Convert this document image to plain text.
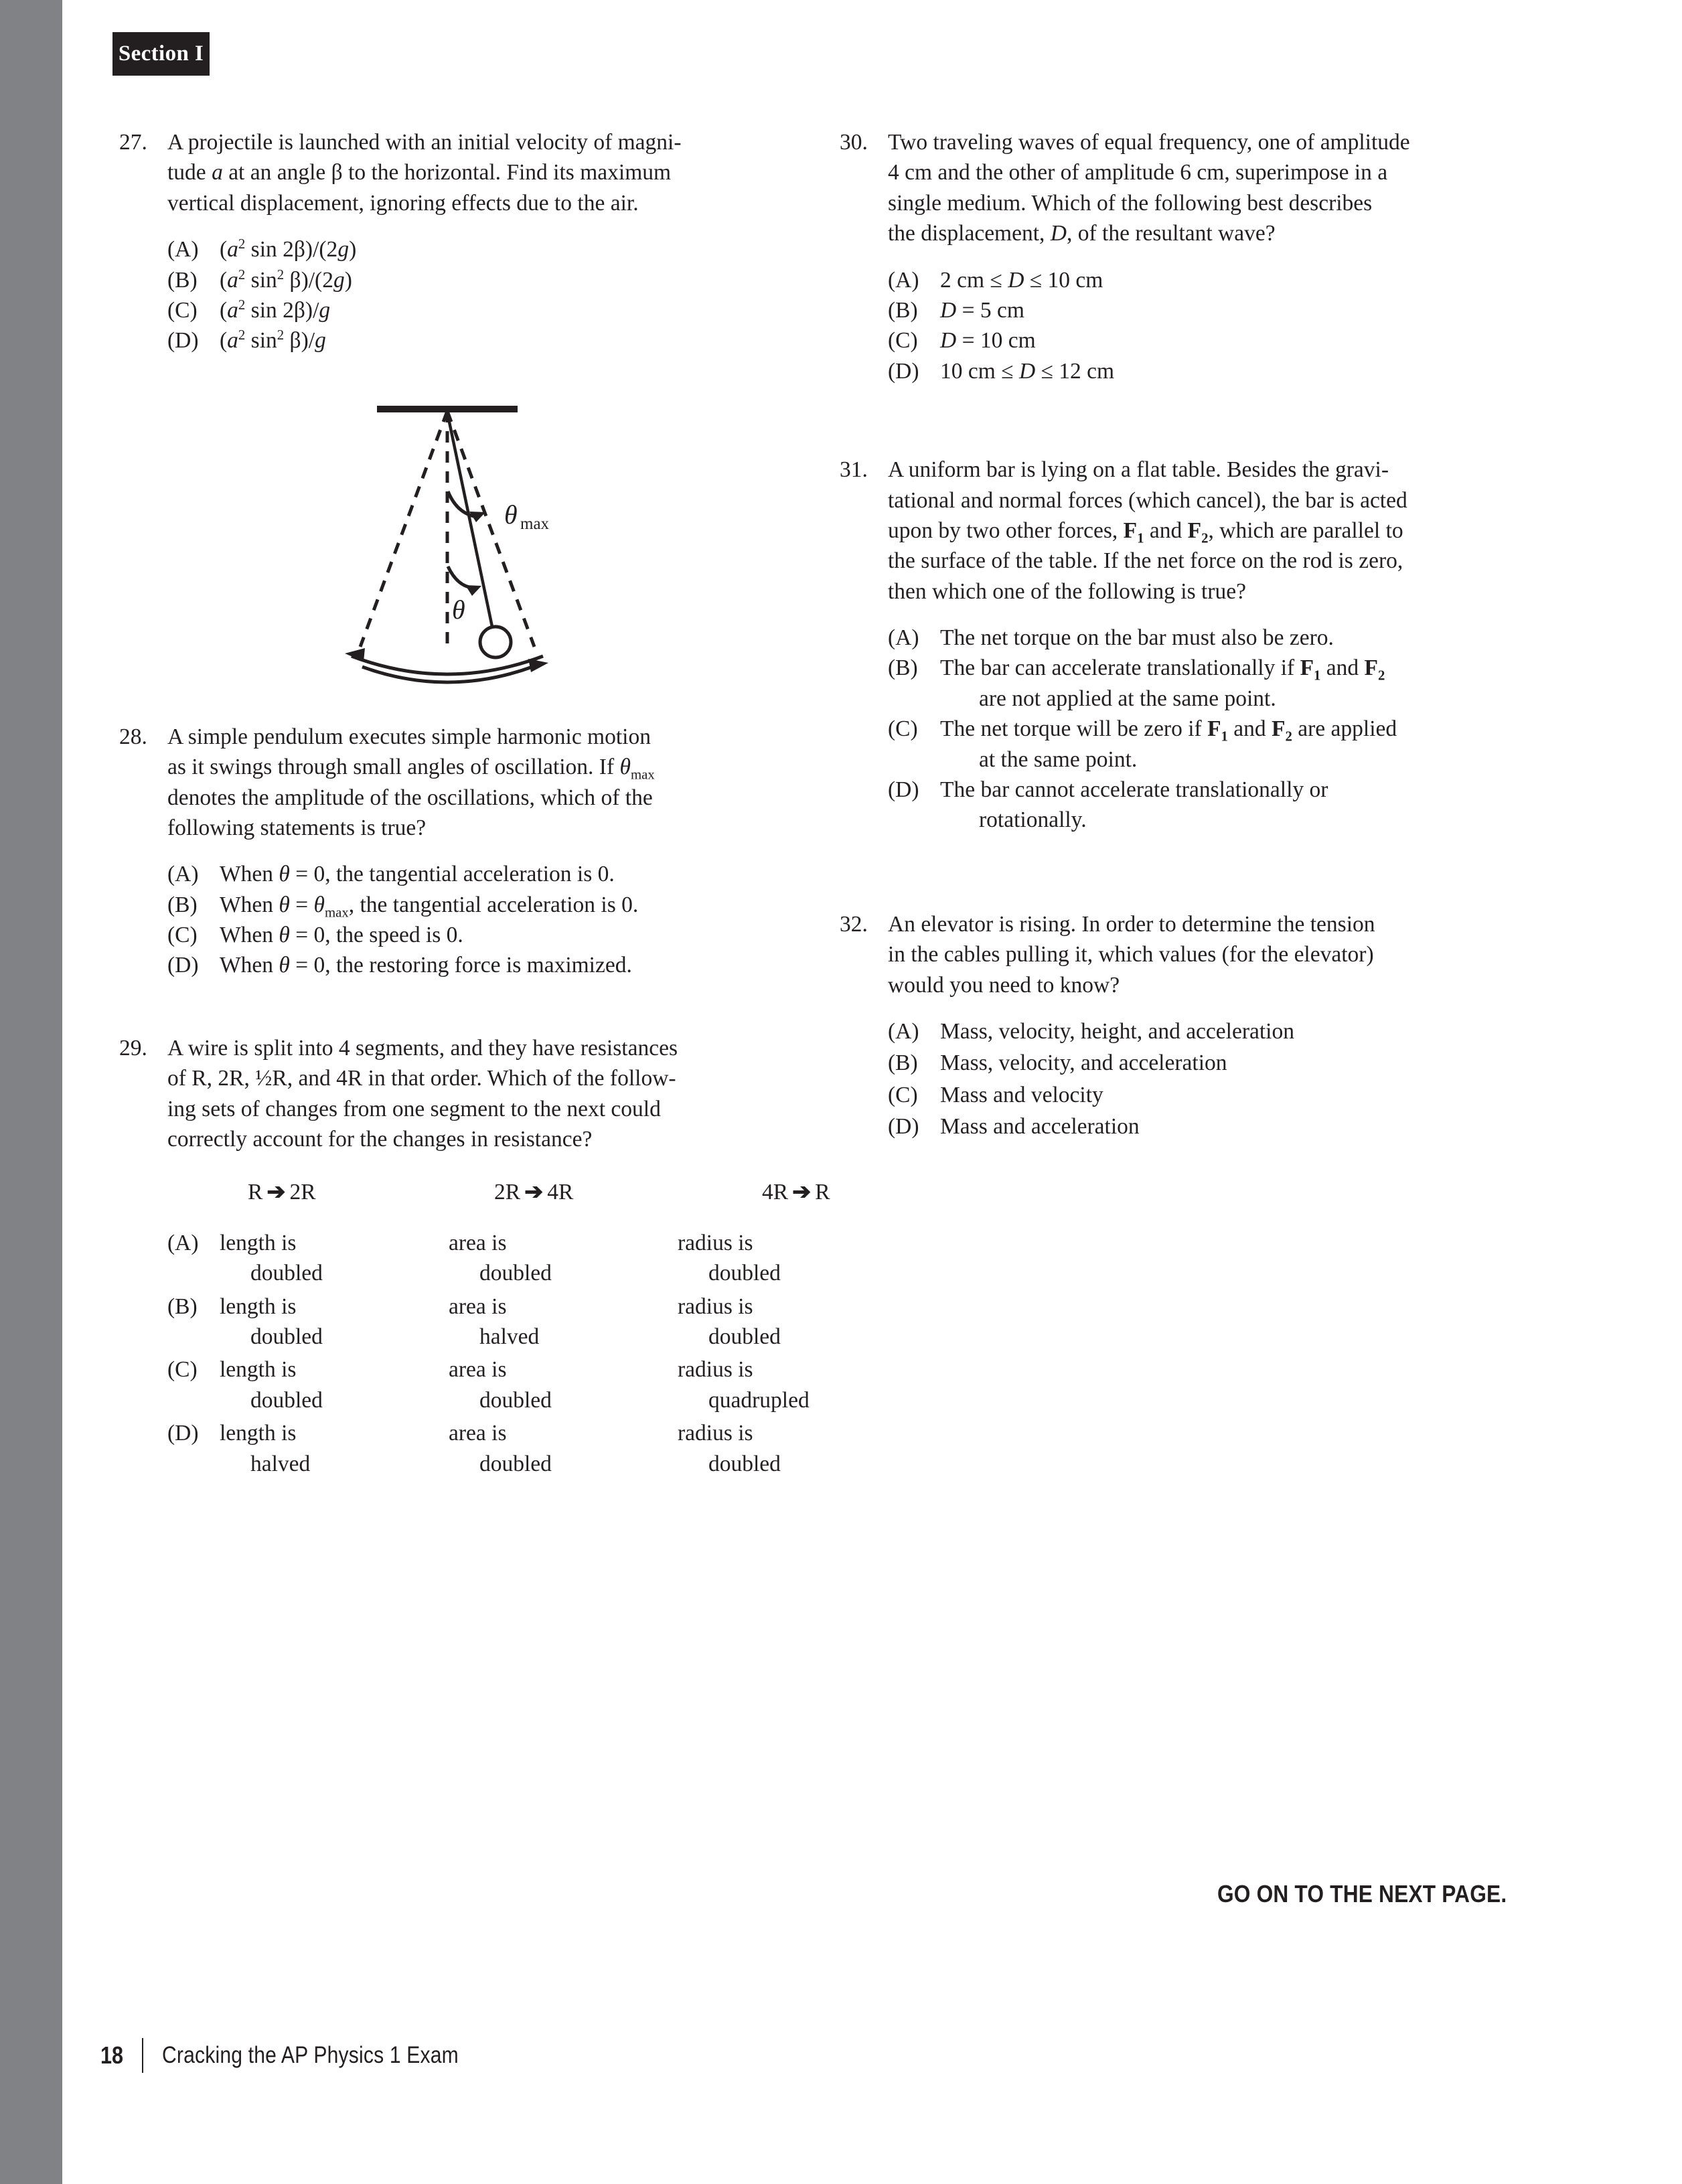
Section I
27. A projectile is launched with an initial velocity of magni-
tude a at an angle β to the horizontal. Find its maximum
vertical displacement, ignoring effects due to the air.

(A) ($a^2$ sin 2β)/(2g)
(B) ($a^2$ $\sin^2 \beta)/(2g)$
(C) ($a^2$ sin 2β)/g
(D) ($a^2$ $\sin^2 \beta)/g$
θ max
θ
28. A simple pendulum executes simple harmonic motion
as it swings through small angles of oscillation. If $\theta_{max}$
denotes the amplitude of the oscillations, which of the
following statements is true?

(A) When θ = 0, the tangential acceleration is 0.
(B) When $\theta = \theta_{max}$, the tangential acceleration is 0.
(C) When θ = 0, the speed is 0.
(D) When θ = 0, the restoring force is maximized.
29. A wire is split into 4 segments, and they have resistances
of R, 2R, ½R, and 4R in that order. Which of the follow-
ing sets of changes from one segment to the next could
correctly account for the changes in resistance?

R ➔ 2R	2R ➔ 4R	4R ➔ R
(A) length is
doubled
area is
doubled
radius is
doubled
(B) length is
doubled
area is
halved
radius is
doubled
(C) length is
doubled
area is
doubled
radius is
quadrupled
(D) length is
halved
area is
doubled
radius is
doubled
30. Two traveling waves of equal frequency, one of amplitude
4 cm and the other of amplitude 6 cm, superimpose in a
single medium. Which of the following best describes
the displacement, D, of the resultant wave?

(A) 2 cm ≤ D ≤ 10 cm
(B) D = 5 cm
(C) D = 10 cm
(D) 10 cm ≤ D ≤ 12 cm
31. A uniform bar is lying on a flat table. Besides the gravi-
tational and normal forces (which cancel), the bar is acted
upon by two other forces, $F_1$ and $F_2$, which are parallel to
the surface of the table. If the net force on the rod is zero,
then which one of the following is true?

(A) The net torque on the bar must also be zero.
(B) The bar can accelerate translationally if $F_1$ and $F_2$
are not applied at the same point.
(C) The net torque will be zero if $F_1$ and $F_2$ are applied
at the same point.
(D) The bar cannot accelerate translationally or
rotationally.
32. An elevator is rising. In order to determine the tension
in the cables pulling it, which values (for the elevator)
would you need to know?

(A) Mass, velocity, height, and acceleration
(B) Mass, velocity, and acceleration
(C) Mass and velocity
(D) Mass and acceleration
GO ON TO THE NEXT PAGE.
18 Cracking the AP Physics 1 Exam
